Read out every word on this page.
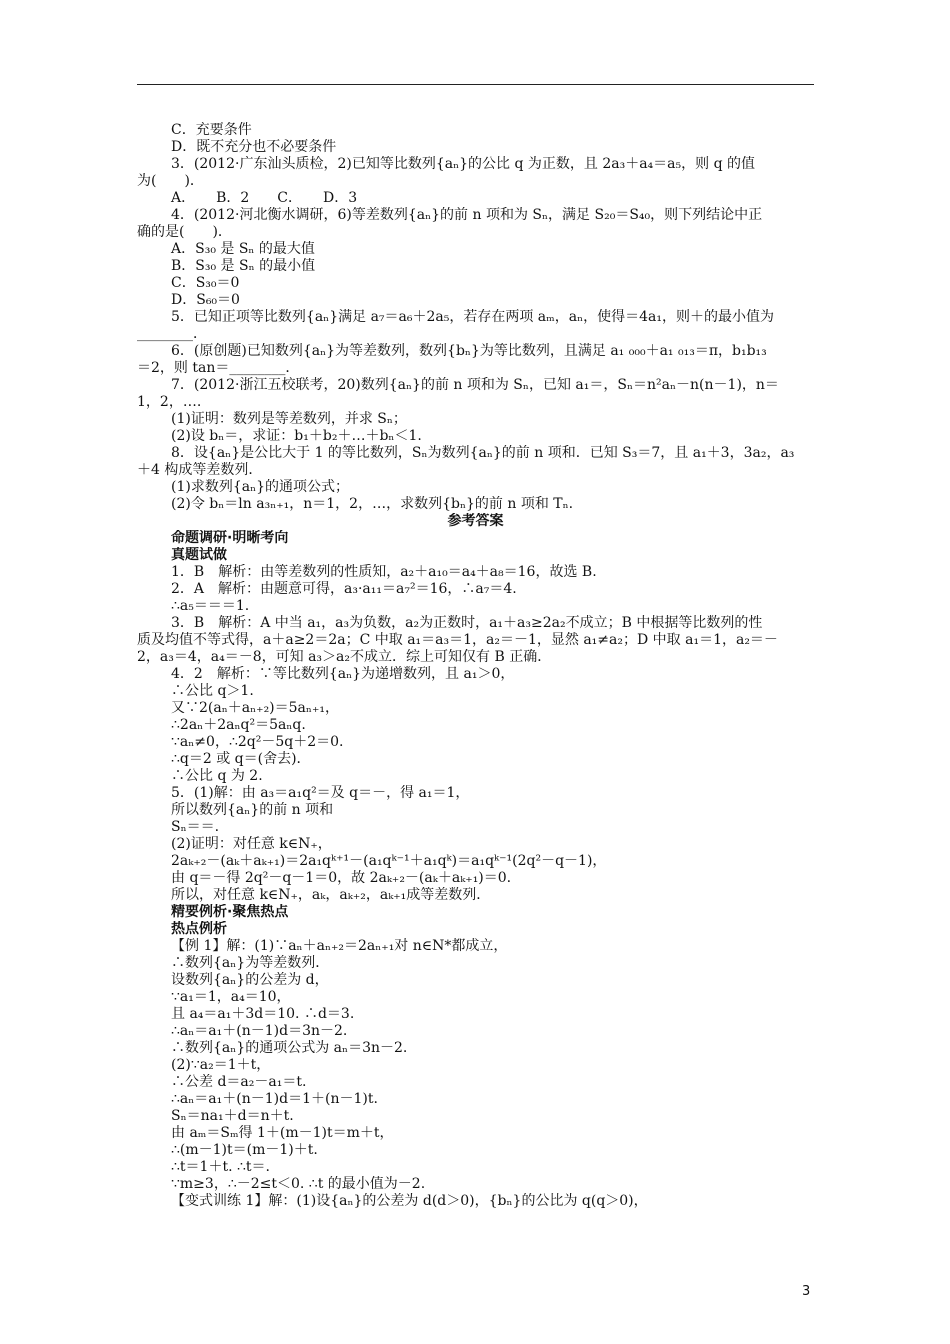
C．充要条件
D．既不充分也不必要条件
3．(2012·广东汕头质检，2)已知等比数列{aₙ}的公比 q 为正数，且 2a₃＋a₄＝a₅，则 q 的值
为(　　)．
A．　　B．2　　C．　　D．3
4．(2012·河北衡水调研，6)等差数列{aₙ}的前 n 项和为 Sₙ，满足 S₂₀＝S₄₀，则下列结论中正
确的是(　　)．
A．S₃₀ 是 Sₙ 的最大值
B．S₃₀ 是 Sₙ 的最小值
C．S₃₀＝0
D．S₆₀＝0
5．已知正项等比数列{aₙ}满足 a₇＝a₆＋2a₅，若存在两项 aₘ，aₙ，使得＝4a₁，则＋的最小值为
________．
6．(原创题)已知数列{aₙ}为等差数列，数列{bₙ}为等比数列，且满足 a₁ ₀₀₀＋a₁ ₀₁₃＝π，b₁b₁₃
＝2，则 tan＝________．
7．(2012·浙江五校联考，20)数列{aₙ}的前 n 项和为 Sₙ，已知 a₁＝，Sₙ＝n²aₙ－n(n－1)，n＝
1，2，….
(1)证明：数列是等差数列，并求 Sₙ；
(2)设 bₙ＝，求证：b₁＋b₂＋…＋bₙ＜1.
8．设{aₙ}是公比大于 1 的等比数列，Sₙ为数列{aₙ}的前 n 项和．已知 S₃＝7，且 a₁＋3，3a₂，a₃
＋4 构成等差数列．
(1)求数列{aₙ}的通项公式；
(2)令 bₙ＝ln a₃ₙ₊₁，n＝1，2，…，求数列{bₙ}的前 n 项和 Tₙ.
参考答案
命题调研·明晰考向
真题试做
1．B　解析：由等差数列的性质知，a₂＋a₁₀＝a₄＋a₈＝16，故选 B.
2．A　解析：由题意可得，a₃·a₁₁＝a₇²＝16，∴a₇＝4.
∴a₅＝＝＝1.
3．B　解析：A 中当 a₁，a₃为负数，a₂为正数时，a₁＋a₃≥2a₂不成立；B 中根据等比数列的性
质及均值不等式得，a＋a≥2＝2a；C 中取 a₁＝a₃＝1，a₂＝－1，显然 a₁≠a₂；D 中取 a₁＝1，a₂＝－
2，a₃＝4，a₄＝－8，可知 a₃＞a₂不成立．综上可知仅有 B 正确．
4．2　解析：∵等比数列{aₙ}为递增数列，且 a₁＞0，
∴公比 q＞1.
又∵2(aₙ＋aₙ₊₂)＝5aₙ₊₁，
∴2aₙ＋2aₙq²＝5aₙq.
∵aₙ≠0，∴2q²－5q＋2＝0.
∴q＝2 或 q＝(舍去)．
∴公比 q 为 2.
5．(1)解：由 a₃＝a₁q²＝及 q＝－，得 a₁＝1，
所以数列{aₙ}的前 n 项和
Sₙ＝＝.
(2)证明：对任意 k∈N₊，
2aₖ₊₂－(aₖ＋aₖ₊₁)＝2a₁qᵏ⁺¹－(a₁qᵏ⁻¹＋a₁qᵏ)＝a₁qᵏ⁻¹(2q²－q－1)，
由 q＝－得 2q²－q－1＝0，故 2aₖ₊₂－(aₖ＋aₖ₊₁)＝0.
所以，对任意 k∈N₊，aₖ，aₖ₊₂，aₖ₊₁成等差数列．
精要例析·聚焦热点
热点例析
【例 1】解：(1)∵aₙ＋aₙ₊₂＝2aₙ₊₁对 n∈N*都成立，
∴数列{aₙ}为等差数列．
设数列{aₙ}的公差为 d，
∵a₁＝1，a₄＝10，
且 a₄＝a₁＋3d＝10. ∴d＝3.
∴aₙ＝a₁＋(n－1)d＝3n－2.
∴数列{aₙ}的通项公式为 aₙ＝3n－2.
(2)∵a₂＝1＋t，
∴公差 d＝a₂－a₁＝t.
∴aₙ＝a₁＋(n－1)d＝1＋(n－1)t.
Sₙ＝na₁＋d＝n＋t.
由 aₘ＝Sₘ得 1＋(m－1)t＝m＋t，
∴(m－1)t＝(m－1)＋t.
∴t＝1＋t. ∴t＝.
∵m≥3，∴－2≤t＜0. ∴t 的最小值为－2.
【变式训练 1】解：(1)设{aₙ}的公差为 d(d＞0)，{bₙ}的公比为 q(q＞0)，
3
